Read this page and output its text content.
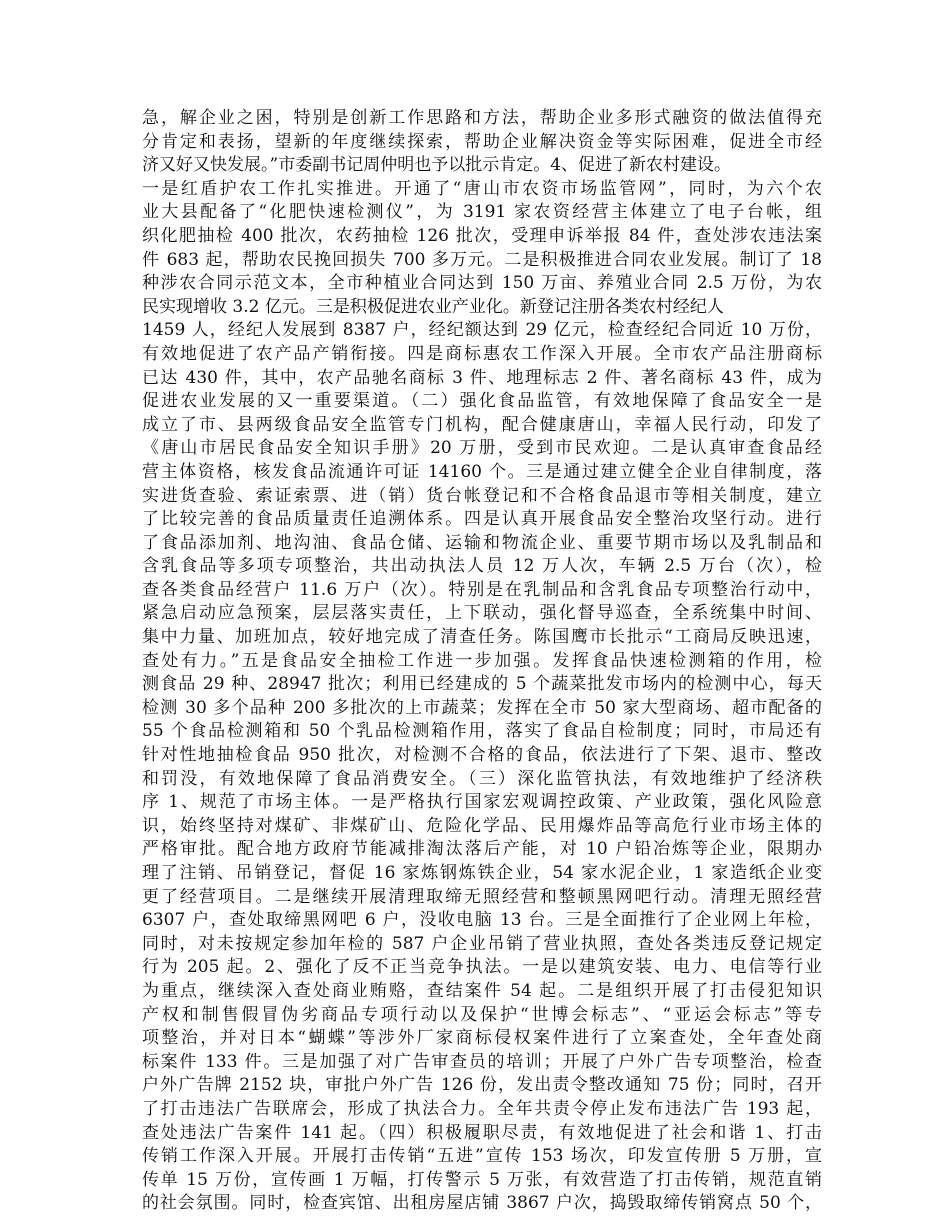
急，解企业之困，特别是创新工作思路和方法，帮助企业多形式融资的做法值得充
分肯定和表扬，望新的年度继续探索，帮助企业解决资金等实际困难，促进全市经
济又好又快发展。”市委副书记周仲明也予以批示肯定。4、促进了新农村建设。
一是红盾护农工作扎实推进。开通了“唐山市农资市场监管网”，同时，为六个农
业大县配备了“化肥快速检测仪”，为 3191 家农资经营主体建立了电子台帐，组
织化肥抽检 400 批次，农药抽检 126 批次，受理申诉举报 84 件，查处涉农违法案
件 683 起，帮助农民挽回损失 700 多万元。二是积极推进合同农业发展。制订了 18
种涉农合同示范文本，全市种植业合同达到 150 万亩、养殖业合同 2.5 万份，为农
民实现增收 3.2 亿元。三是积极促进农业产业化。新登记注册各类农村经纪人
1459 人，经纪人发展到 8387 户，经纪额达到 29 亿元，检查经纪合同近 10 万份，
有效地促进了农产品产销衔接。四是商标惠农工作深入开展。全市农产品注册商标
已达 430 件，其中，农产品驰名商标 3 件、地理标志 2 件、著名商标 43 件，成为
促进农业发展的又一重要渠道。（二）强化食品监管，有效地保障了食品安全一是
成立了市、县两级食品安全监管专门机构，配合健康唐山，幸福人民行动，印发了
《唐山市居民食品安全知识手册》20 万册，受到市民欢迎。二是认真审查食品经
营主体资格，核发食品流通许可证 14160 个。三是通过建立健全企业自律制度，落
实进货查验、索证索票、进（销）货台帐登记和不合格食品退市等相关制度，建立
了比较完善的食品质量责任追溯体系。四是认真开展食品安全整治攻坚行动。进行
了食品添加剂、地沟油、食品仓储、运输和物流企业、重要节期市场以及乳制品和
含乳食品等多项专项整治，共出动执法人员 12 万人次，车辆 2.5 万台（次），检
查各类食品经营户 11.6 万户（次）。特别是在乳制品和含乳食品专项整治行动中，
紧急启动应急预案，层层落实责任，上下联动，强化督导巡查，全系统集中时间、
集中力量、加班加点，较好地完成了清查任务。陈国鹰市长批示“工商局反映迅速，
查处有力。”五是食品安全抽检工作进一步加强。发挥食品快速检测箱的作用，检
测食品 29 种、28947 批次；利用已经建成的 5 个蔬菜批发市场内的检测中心，每天
检测 30 多个品种 200 多批次的上市蔬菜；发挥在全市 50 家大型商场、超市配备的
55 个食品检测箱和 50 个乳品检测箱作用，落实了食品自检制度；同时，市局还有
针对性地抽检食品 950 批次，对检测不合格的食品，依法进行了下架、退市、整改
和罚没，有效地保障了食品消费安全。（三）深化监管执法，有效地维护了经济秩
序 1、规范了市场主体。一是严格执行国家宏观调控政策、产业政策，强化风险意
识，始终坚持对煤矿、非煤矿山、危险化学品、民用爆炸品等高危行业市场主体的
严格审批。配合地方政府节能减排淘汰落后产能，对 10 户铅冶炼等企业，限期办
理了注销、吊销登记，督促 16 家炼钢炼铁企业，54 家水泥企业，1 家造纸企业变
更了经营项目。二是继续开展清理取缔无照经营和整顿黑网吧行动。清理无照经营
6307 户，查处取缔黑网吧 6 户，没收电脑 13 台。三是全面推行了企业网上年检，
同时，对未按规定参加年检的 587 户企业吊销了营业执照，查处各类违反登记规定
行为 205 起。2、强化了反不正当竞争执法。一是以建筑安装、电力、电信等行业
为重点，继续深入查处商业贿赂，查结案件 54 起。二是组织开展了打击侵犯知识
产权和制售假冒伪劣商品专项行动以及保护“世博会标志”、“亚运会标志”等专
项整治，并对日本“蝴蝶”等涉外厂家商标侵权案件进行了立案查处，全年查处商
标案件 133 件。三是加强了对广告审查员的培训；开展了户外广告专项整治，检查
户外广告牌 2152 块，审批户外广告 126 份，发出责令整改通知 75 份；同时，召开
了打击违法广告联席会，形成了执法合力。全年共责令停止发布违法广告 193 起，
查处违法广告案件 141 起。（四）积极履职尽责，有效地促进了社会和谐 1、打击
传销工作深入开展。开展打击传销“五进”宣传 153 场次，印发宣传册 5 万册，宣
传单 15 万份，宣传画 1 万幅，打传警示 5 万张，有效营造了打击传销，规范直销
的社会氛围。同时，检查宾馆、出租房屋店铺 3867 户次，捣毁取缔传销窝点 50 个，
